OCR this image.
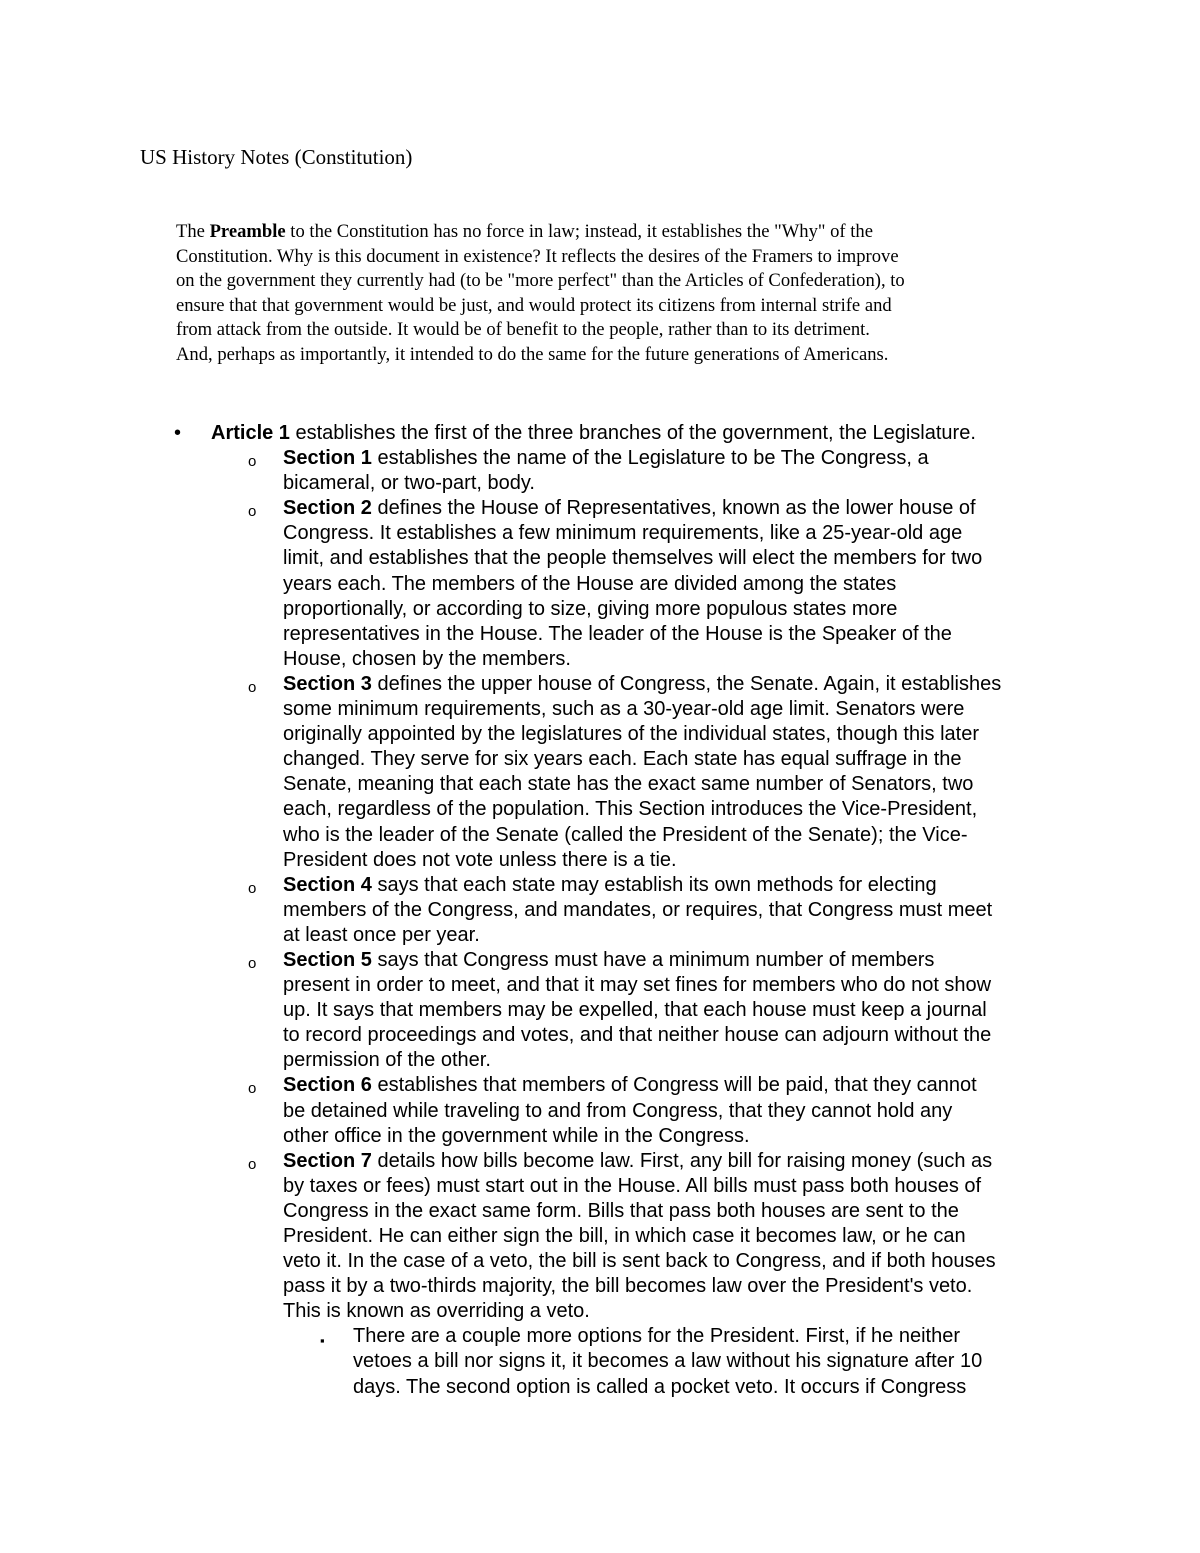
US History Notes (Constitution)

The Preamble to the Constitution has no force in law; instead, it establishes the "Why" of the
Constitution. Why is this document in existence? It reflects the desires of the Framers to improve
on the government they currently had (to be "more perfect" than the Articles of Confederation), to
ensure that that government would be just, and would protect its citizens from internal strife and
from attack from the outside. It would be of benefit to the people, rather than to its detriment.
And, perhaps as importantly, it intended to do the same for the future generations of Americans.

• Article 1 establishes the first of the three branches of the government, the Legislature.
o Section 1 establishes the name of the Legislature to be The Congress, a
bicameral, or two-part, body.
o Section 2 defines the House of Representatives, known as the lower house of
Congress. It establishes a few minimum requirements, like a 25-year-old age
limit, and establishes that the people themselves will elect the members for two
years each. The members of the House are divided among the states
proportionally, or according to size, giving more populous states more
representatives in the House. The leader of the House is the Speaker of the
House, chosen by the members.
o Section 3 defines the upper house of Congress, the Senate. Again, it establishes
some minimum requirements, such as a 30-year-old age limit. Senators were
originally appointed by the legislatures of the individual states, though this later
changed. They serve for six years each. Each state has equal suffrage in the
Senate, meaning that each state has the exact same number of Senators, two
each, regardless of the population. This Section introduces the Vice-President,
who is the leader of the Senate (called the President of the Senate); the Vice-
President does not vote unless there is a tie.
o Section 4 says that each state may establish its own methods for electing
members of the Congress, and mandates, or requires, that Congress must meet
at least once per year.
o Section 5 says that Congress must have a minimum number of members
present in order to meet, and that it may set fines for members who do not show
up. It says that members may be expelled, that each house must keep a journal
to record proceedings and votes, and that neither house can adjourn without the
permission of the other.
o Section 6 establishes that members of Congress will be paid, that they cannot
be detained while traveling to and from Congress, that they cannot hold any
other office in the government while in the Congress.
o Section 7 details how bills become law. First, any bill for raising money (such as
by taxes or fees) must start out in the House. All bills must pass both houses of
Congress in the exact same form. Bills that pass both houses are sent to the
President. He can either sign the bill, in which case it becomes law, or he can
veto it. In the case of a veto, the bill is sent back to Congress, and if both houses
pass it by a two-thirds majority, the bill becomes law over the President's veto.
This is known as overriding a veto.
▪ There are a couple more options for the President. First, if he neither
vetoes a bill nor signs it, it becomes a law without his signature after 10
days. The second option is called a pocket veto. It occurs if Congress
